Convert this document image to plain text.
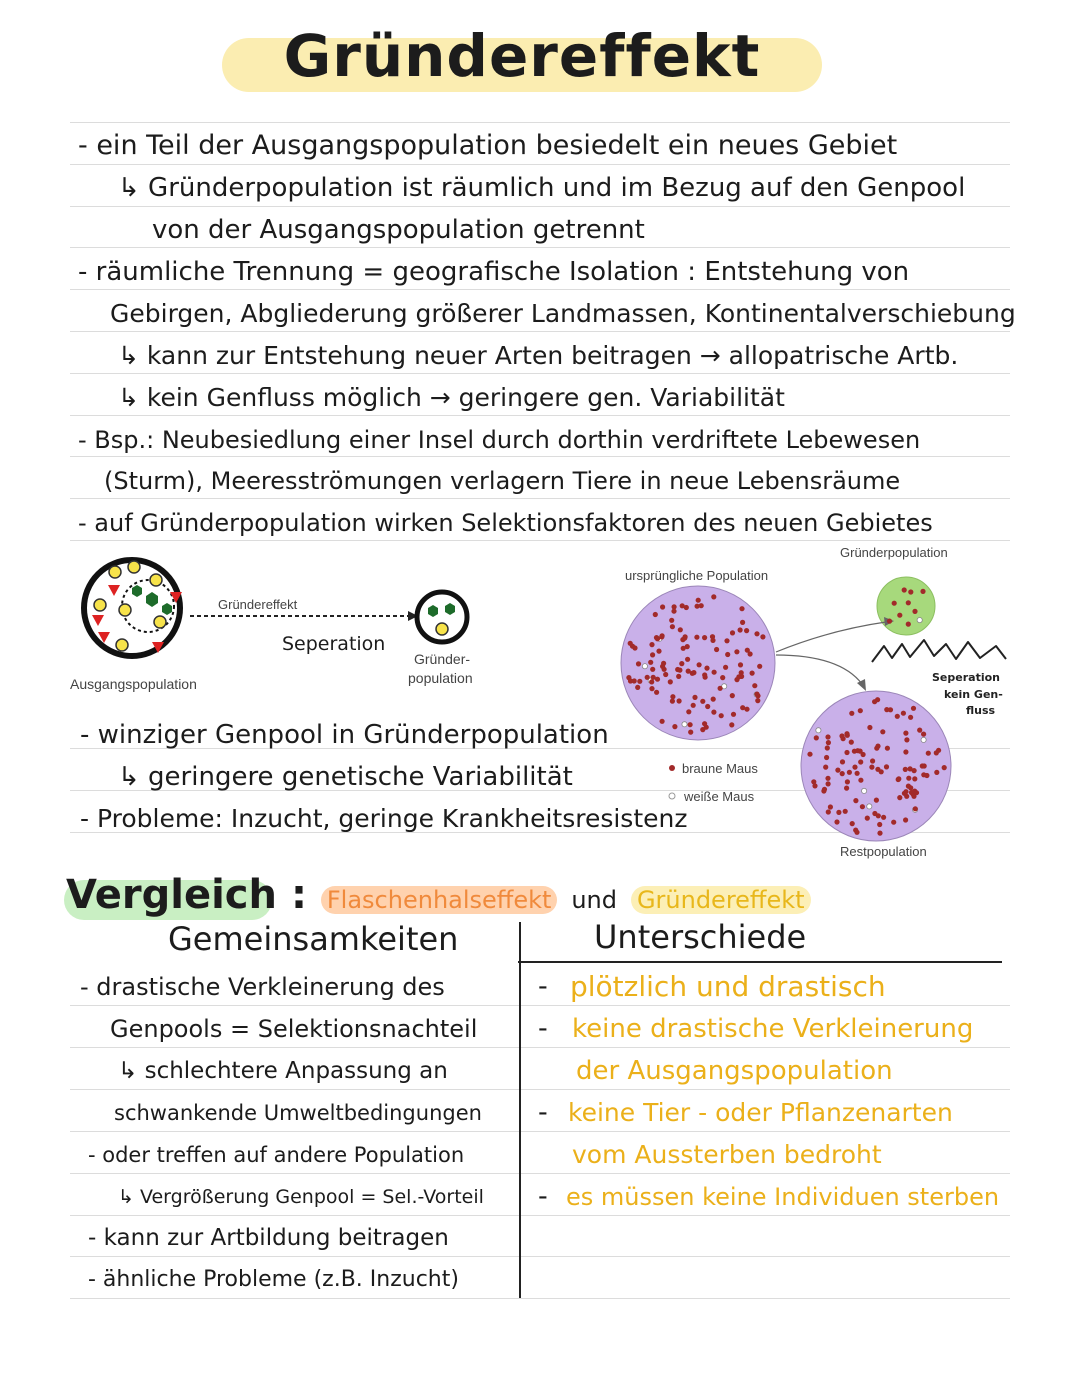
Gründereffekt
- ein Teil der Ausgangspopulation besiedelt ein neues Gebiet
↳ Gründerpopulation ist räumlich und im Bezug auf den Genpool
von der Ausgangspopulation getrennt
- räumliche Trennung = geografische Isolation : Entstehung von
Gebirgen, Abgliederung größerer Landmassen, Kontinentalverschiebung
↳ kann zur Entstehung neuer Arten beitragen → allopatrische Artb.
↳ kein Genfluss möglich → geringere gen. Variabilität
- Bsp.: Neubesiedlung einer Insel durch dorthin verdriftete Lebewesen
(Sturm), Meeresströmungen verlagern Tiere in neue Lebensräume
- auf Gründerpopulation wirken Selektionsfaktoren des neuen Gebietes
Ausgangspopulation
Gründereffekt
Seperation
Gründer-
population
ursprüngliche Population
Gründerpopulation
Restpopulation
Seperation
kein Gen-
fluss
braune Maus
weiße Maus
- winziger Genpool in Gründerpopulation
↳ geringere genetische Variabilität
- Probleme: Inzucht, geringe Krankheitsresistenz
Vergleich : Flaschenhalseffekt und Gründereffekt
Gemeinsamkeiten	Unterschiede
- drastische Verkleinerung des
Genpools = Selektionsnachteil
↳ schlechtere Anpassung an
schwankende Umweltbedingungen
- oder treffen auf andere Population
↳ Vergrößerung Genpool = Sel.-Vorteil
- kann zur Artbildung beitragen
- ähnliche Probleme (z.B. Inzucht)
- plötzlich und drastisch
- keine drastische Verkleinerung
der Ausgangspopulation
- keine Tier - oder Pflanzenarten
vom Aussterben bedroht
- es müssen keine Individuen sterben
